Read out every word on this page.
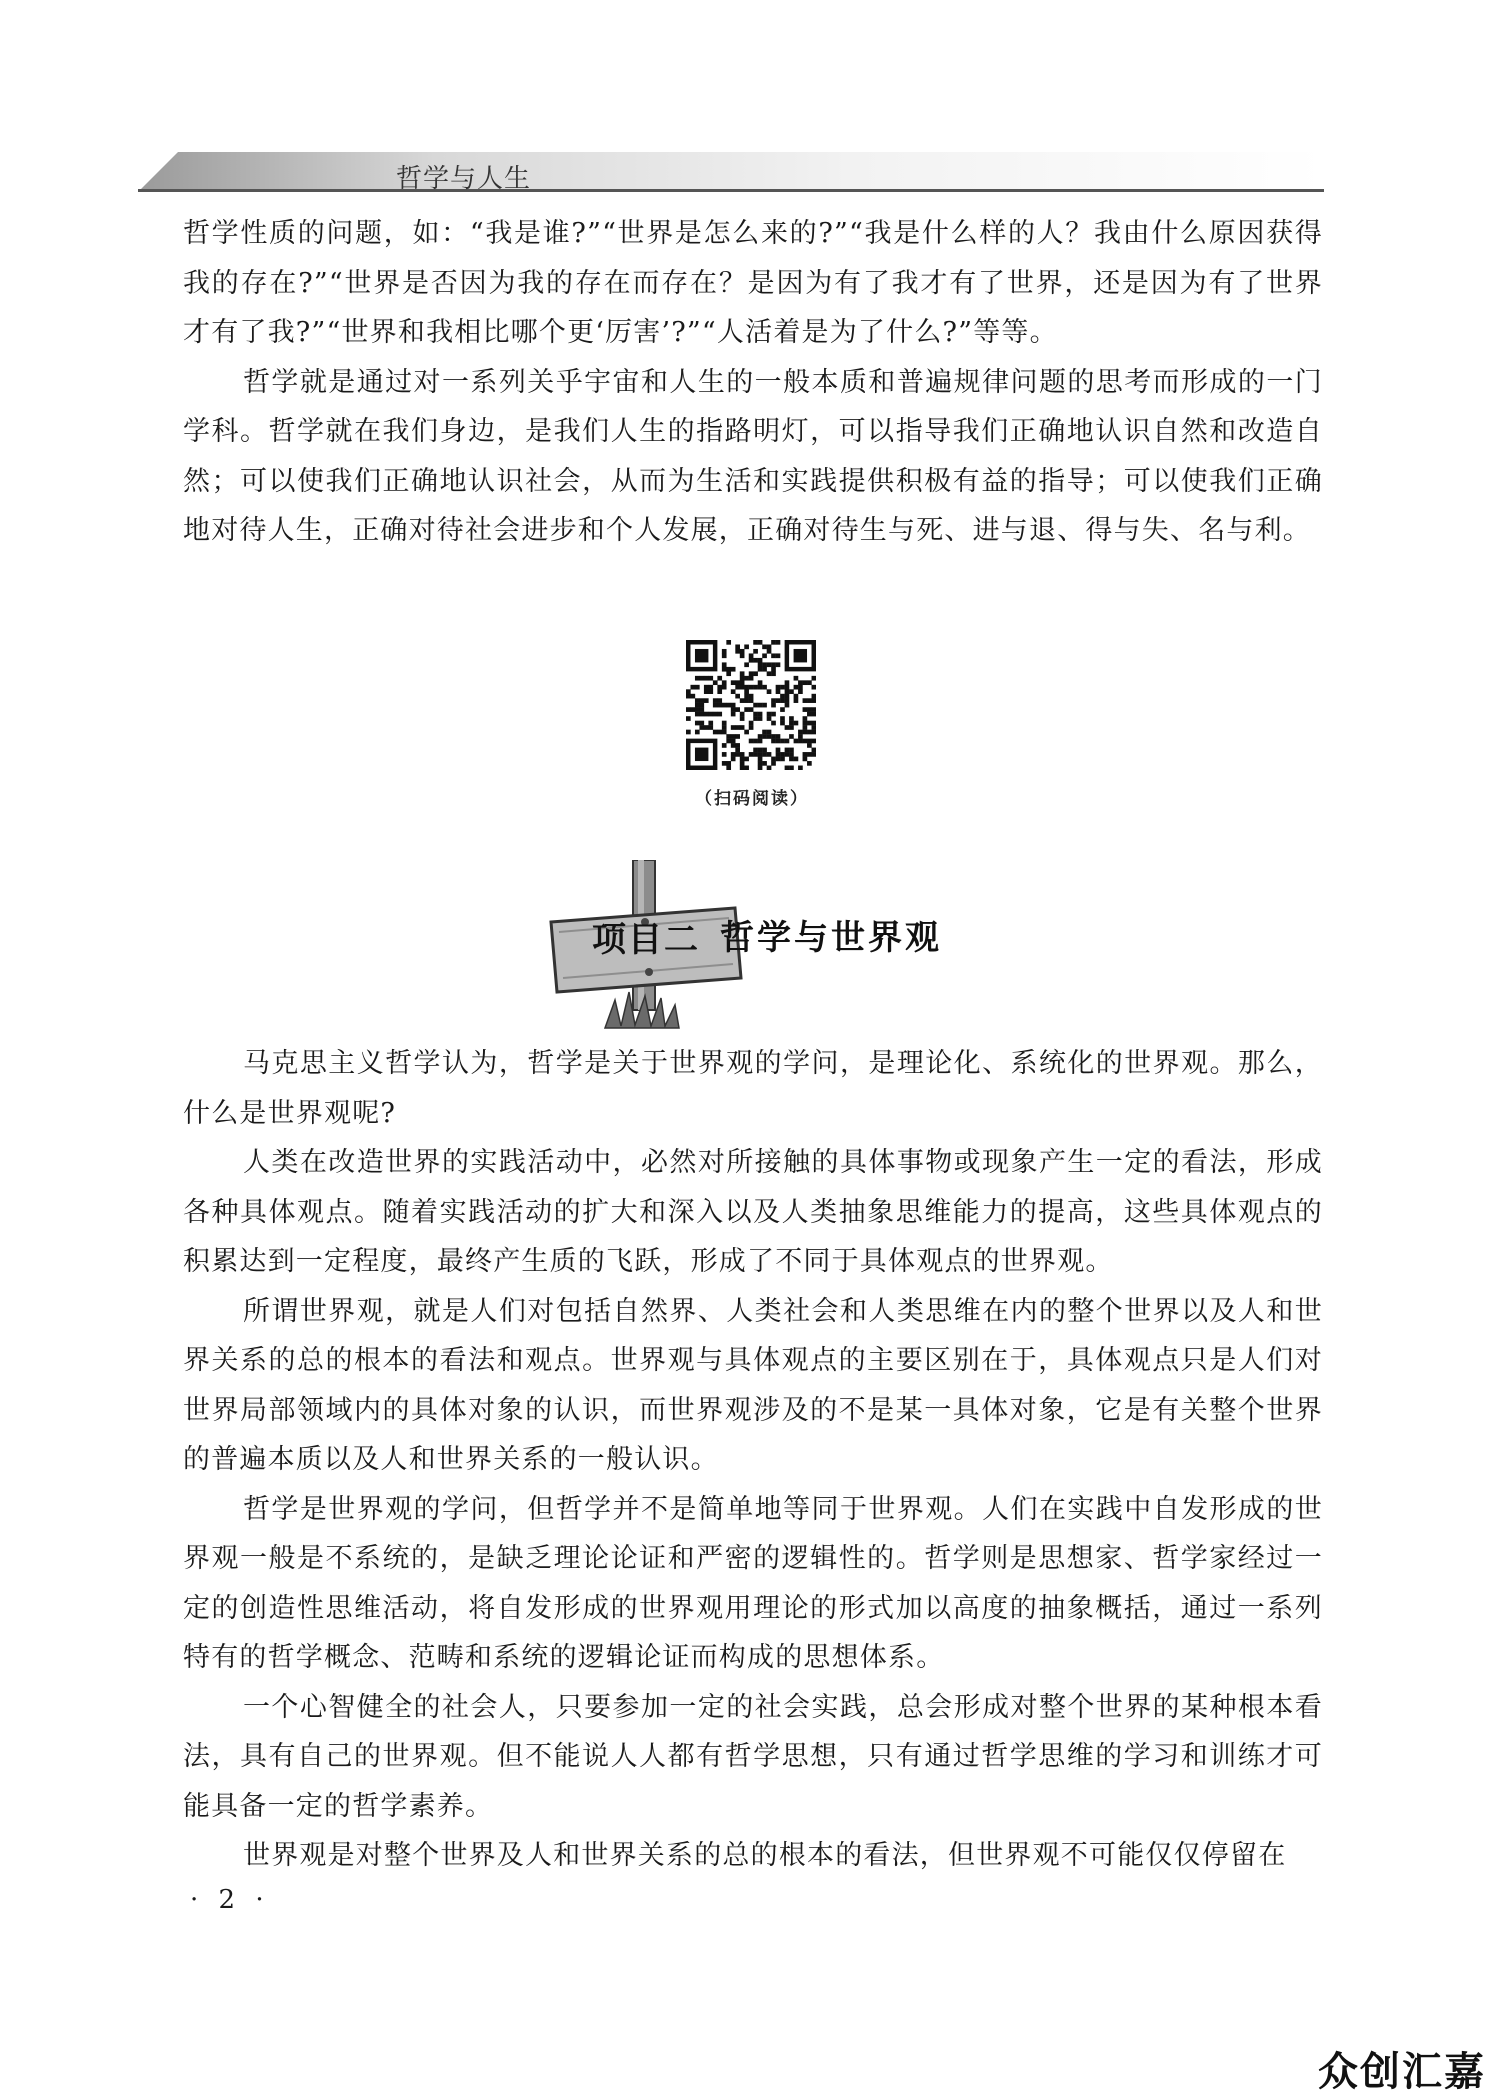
哲学与人生

哲学性质的问题，如：“我是谁?”“世界是怎么来的?”“我是什么样的人？我由什么原因获得我的存在?”“世界是否因为我的存在而存在？是因为有了我才有了世界，还是因为有了世界才有了我?”“世界和我相比哪个更‘厉害’?”“人活着是为了什么?”等等。

哲学就是通过对一系列关乎宇宙和人生的一般本质和普遍规律问题的思考而形成的一门学科。哲学就在我们身边，是我们人生的指路明灯，可以指导我们正确地认识自然和改造自然；可以使我们正确地认识社会，从而为生活和实践提供积极有益的指导；可以使我们正确地对待人生，正确对待社会进步和个人发展，正确对待生与死、进与退、得与失、名与利。

（扫码阅读）
项目二 哲学与世界观

马克思主义哲学认为，哲学是关于世界观的学问，是理论化、系统化的世界观。那么，什么是世界观呢?

人类在改造世界的实践活动中，必然对所接触的具体事物或现象产生一定的看法，形成各种具体观点。随着实践活动的扩大和深入以及人类抽象思维能力的提高，这些具体观点的积累达到一定程度，最终产生质的飞跃，形成了不同于具体观点的世界观。

所谓世界观，就是人们对包括自然界、人类社会和人类思维在内的整个世界以及人和世界关系的总的根本的看法和观点。世界观与具体观点的主要区别在于，具体观点只是人们对世界局部领域内的具体对象的认识，而世界观涉及的不是某一具体对象，它是有关整个世界的普遍本质以及人和世界关系的一般认识。

哲学是世界观的学问，但哲学并不是简单地等同于世界观。人们在实践中自发形成的世界观一般是不系统的，是缺乏理论论证和严密的逻辑性的。哲学则是思想家、哲学家经过一定的创造性思维活动，将自发形成的世界观用理论的形式加以高度的抽象概括，通过一系列特有的哲学概念、范畴和系统的逻辑论证而构成的思想体系。

一个心智健全的社会人，只要参加一定的社会实践，总会形成对整个世界的某种根本看法，具有自己的世界观。但不能说人人都有哲学思想，只有通过哲学思维的学习和训练才可能具备一定的哲学素养。

世界观是对整个世界及人和世界关系的总的根本的看法，但世界观不可能仅仅停留在

· 2 ·
众创汇嘉
